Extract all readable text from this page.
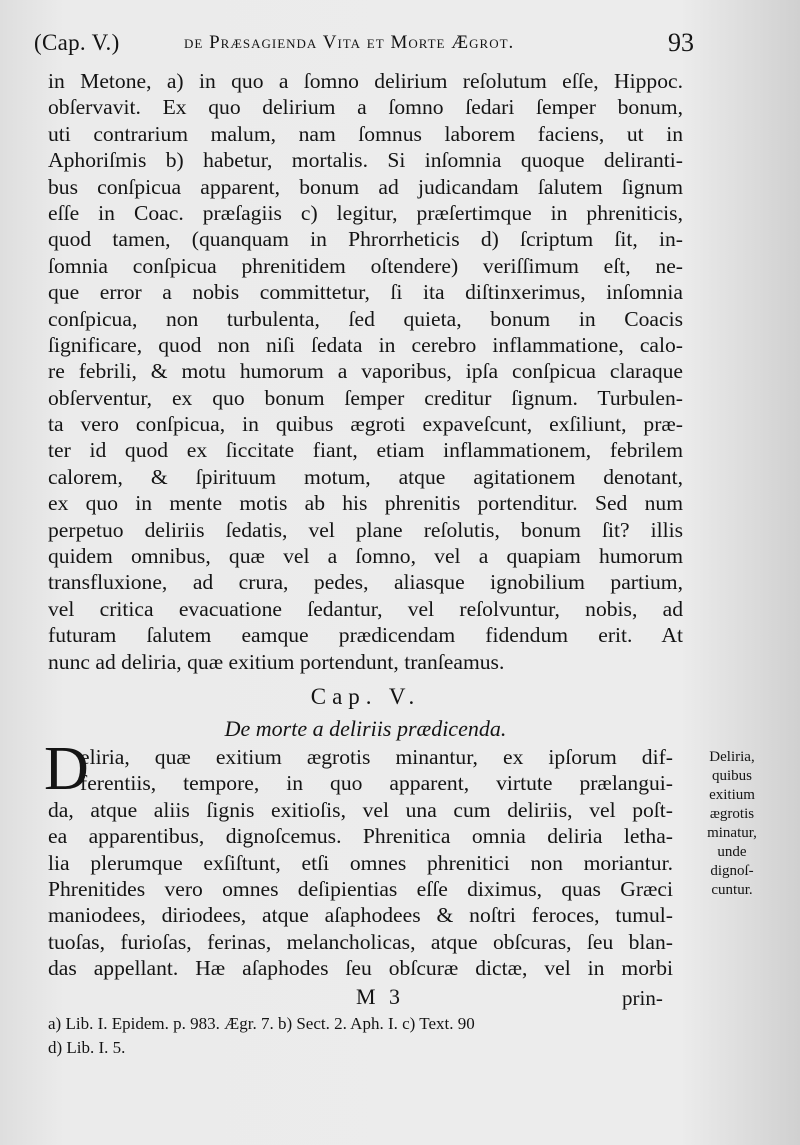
(Cap. V.)	de Præsagienda Vita et Morte Ægrot.	93
in Metone, a) in quo a ſomno delirium reſolutum eſſe, Hippoc.
obſervavit. Ex quo delirium a ſomno ſedari ſemper bonum,
uti contrarium malum, nam ſomnus laborem faciens, ut in
Aphoriſmis b) habetur, mortalis. Si inſomnia quoque deliranti-
bus conſpicua apparent, bonum ad judicandam ſalutem ſignum
eſſe in Coac. præſagiis c) legitur, præſertimque in phreniticis,
quod tamen, (quanquam in Phrorrheticis d) ſcriptum ſit, in-
ſomnia conſpicua phrenitidem oſtendere) veriſſimum eſt, ne-
que error a nobis committetur, ſi ita diſtinxerimus, inſomnia
conſpicua, non turbulenta, ſed quieta, bonum in Coacis
ſignificare, quod non niſi ſedata in cerebro inflammatione, calo-
re febrili, & motu humorum a vaporibus, ipſa conſpicua claraque
obſerventur, ex quo bonum ſemper creditur ſignum. Turbulen-
ta vero conſpicua, in quibus ægroti expaveſcunt, exſiliunt, præ-
ter id quod ex ſiccitate fiant, etiam inflammationem, febrilem
calorem, & ſpirituum motum, atque agitationem denotant,
ex quo in mente motis ab his phrenitis portenditur. Sed num
perpetuo deliriis ſedatis, vel plane reſolutis, bonum ſit? illis
quidem omnibus, quæ vel a ſomno, vel a quapiam humorum
transfluxione, ad crura, pedes, aliasque ignobilium partium,
vel critica evacuatione ſedantur, vel reſolvuntur, nobis, ad
futuram ſalutem eamque prædicendam fidendum erit. At
nunc ad deliria, quæ exitium portendunt, tranſeamus.
Cap. V.
De morte a deliriis prædicenda.
D
eliria, quæ exitium ægrotis minantur, ex ipſorum dif-
ferentiis, tempore, in quo apparent, virtute prælangui-
da, atque aliis ſignis exitioſis, vel una cum deliriis, vel poſt-
ea apparentibus, dignoſcemus. Phrenitica omnia deliria letha-
lia plerumque exſiſtunt, etſi omnes phrenitici non moriantur.
Phrenitides vero omnes deſipientias eſſe diximus, quas Græci
maniodees, diriodees, atque aſaphodees & noſtri feroces, tumul-
tuoſas, furioſas, ferinas, melancholicas, atque obſcuras, ſeu blan-
das appellant. Hæ aſaphodes ſeu obſcuræ dictæ, vel in morbi
Deliria,
quibus
exitium
ægrotis
minatur,
unde
dignoſ-
cuntur.
M 3	prin-
a) Lib. I. Epidem. p. 983. Ægr. 7. b) Sect. 2. Aph. I. c) Text. 90
d) Lib. I. 5.
